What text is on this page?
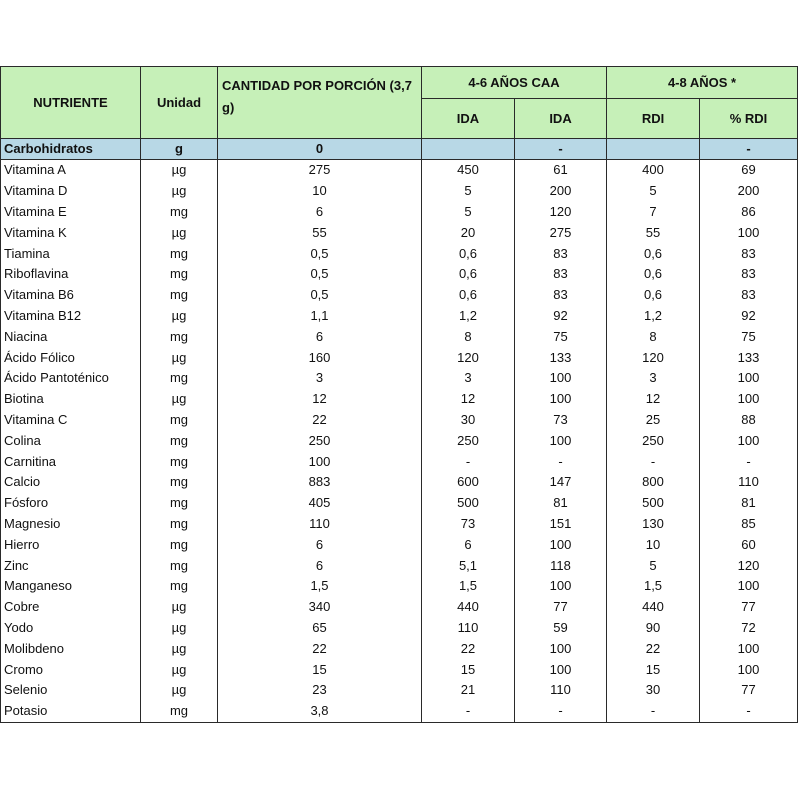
NUTRIENTE	Unidad	CANTIDAD POR PORCIÓN (3,7 g)	4-6 AÑOS CAA		4-8 AÑOS *	
			IDA	IDA	RDI	% RDI
Carbohidratos	g	0		-		-
Vitamina A	µg	275	450	61	400	69
Vitamina D	µg	10	5	200	5	200
Vitamina E	mg	6	5	120	7	86
Vitamina K	µg	55	20	275	55	100
Tiamina	mg	0,5	0,6	83	0,6	83
Riboflavina	mg	0,5	0,6	83	0,6	83
Vitamina B6	mg	0,5	0,6	83	0,6	83
Vitamina B12	µg	1,1	1,2	92	1,2	92
Niacina	mg	6	8	75	8	75
Ácido Fólico	µg	160	120	133	120	133
Ácido Pantoténico	mg	3	3	100	3	100
Biotina	µg	12	12	100	12	100
Vitamina C	mg	22	30	73	25	88
Colina	mg	250	250	100	250	100
Carnitina	mg	100	-	-	-	-
Calcio	mg	883	600	147	800	110
Fósforo	mg	405	500	81	500	81
Magnesio	mg	110	73	151	130	85
Hierro	mg	6	6	100	10	60
Zinc	mg	6	5,1	118	5	120
Manganeso	mg	1,5	1,5	100	1,5	100
Cobre	µg	340	440	77	440	77
Yodo	µg	65	110	59	90	72
Molibdeno	µg	22	22	100	22	100
Cromo	µg	15	15	100	15	100
Selenio	µg	23	21	110	30	77
Potasio	mg	3,8	-	-	-	-
